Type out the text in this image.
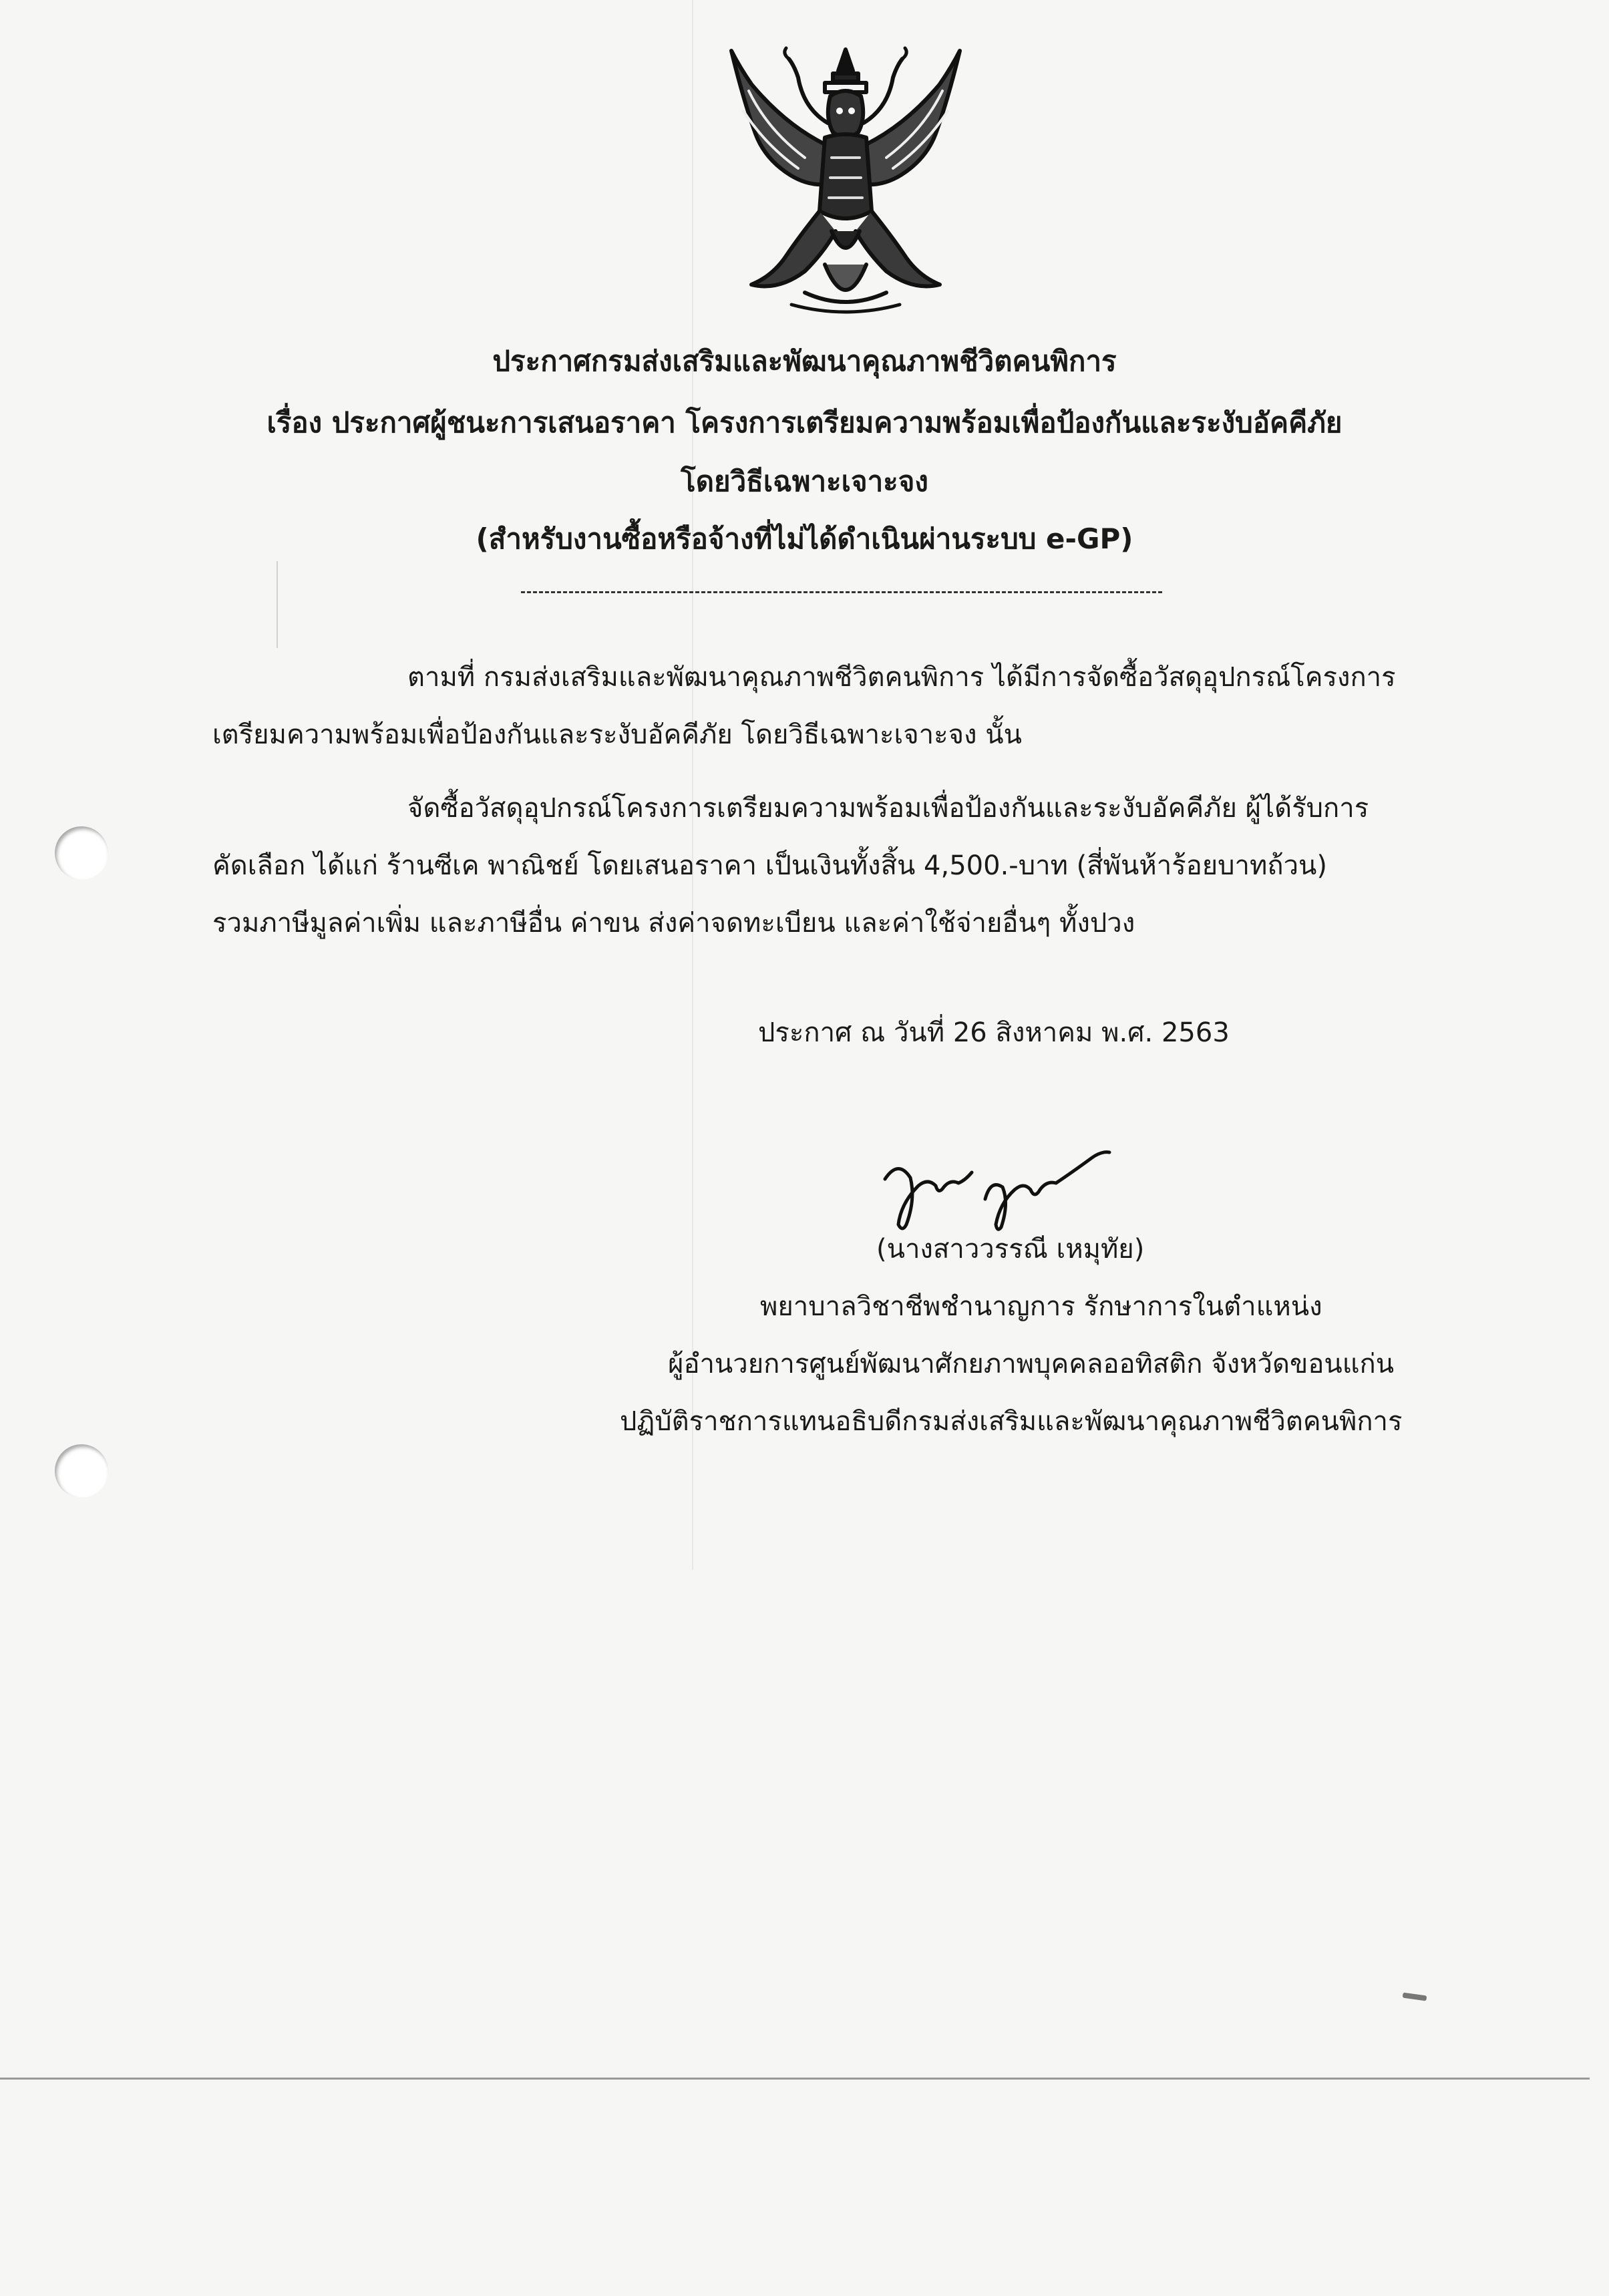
ประกาศกรมส่งเสริมและพัฒนาคุณภาพชีวิตคนพิการ
เรื่อง ประกาศผู้ชนะการเสนอราคา โครงการเตรียมความพร้อมเพื่อป้องกันและระงับอัคคีภัย
โดยวิธีเฉพาะเจาะจง
(สำหรับงานซื้อหรือจ้างที่ไม่ได้ดำเนินผ่านระบบ e-GP)
ตามที่ กรมส่งเสริมและพัฒนาคุณภาพชีวิตคนพิการ ได้มีการจัดซื้อวัสดุอุปกรณ์โครงการ
เตรียมความพร้อมเพื่อป้องกันและระงับอัคคีภัย โดยวิธีเฉพาะเจาะจง นั้น
จัดซื้อวัสดุอุปกรณ์โครงการเตรียมความพร้อมเพื่อป้องกันและระงับอัคคีภัย ผู้ได้รับการ
คัดเลือก ได้แก่ ร้านซีเค พาณิชย์ โดยเสนอราคา เป็นเงินทั้งสิ้น 4,500.-บาท (สี่พันห้าร้อยบาทถ้วน)
รวมภาษีมูลค่าเพิ่ม และภาษีอื่น ค่าขน ส่งค่าจดทะเบียน และค่าใช้จ่ายอื่นๆ ทั้งปวง
ประกาศ ณ วันที่ 26 สิงหาคม พ.ศ. 2563
(นางสาววรรณี เหมุทัย)
พยาบาลวิชาชีพชำนาญการ รักษาการในตำแหน่ง
ผู้อำนวยการศูนย์พัฒนาศักยภาพบุคคลออทิสติก จังหวัดขอนแก่น
ปฏิบัติราชการแทนอธิบดีกรมส่งเสริมและพัฒนาคุณภาพชีวิตคนพิการ
